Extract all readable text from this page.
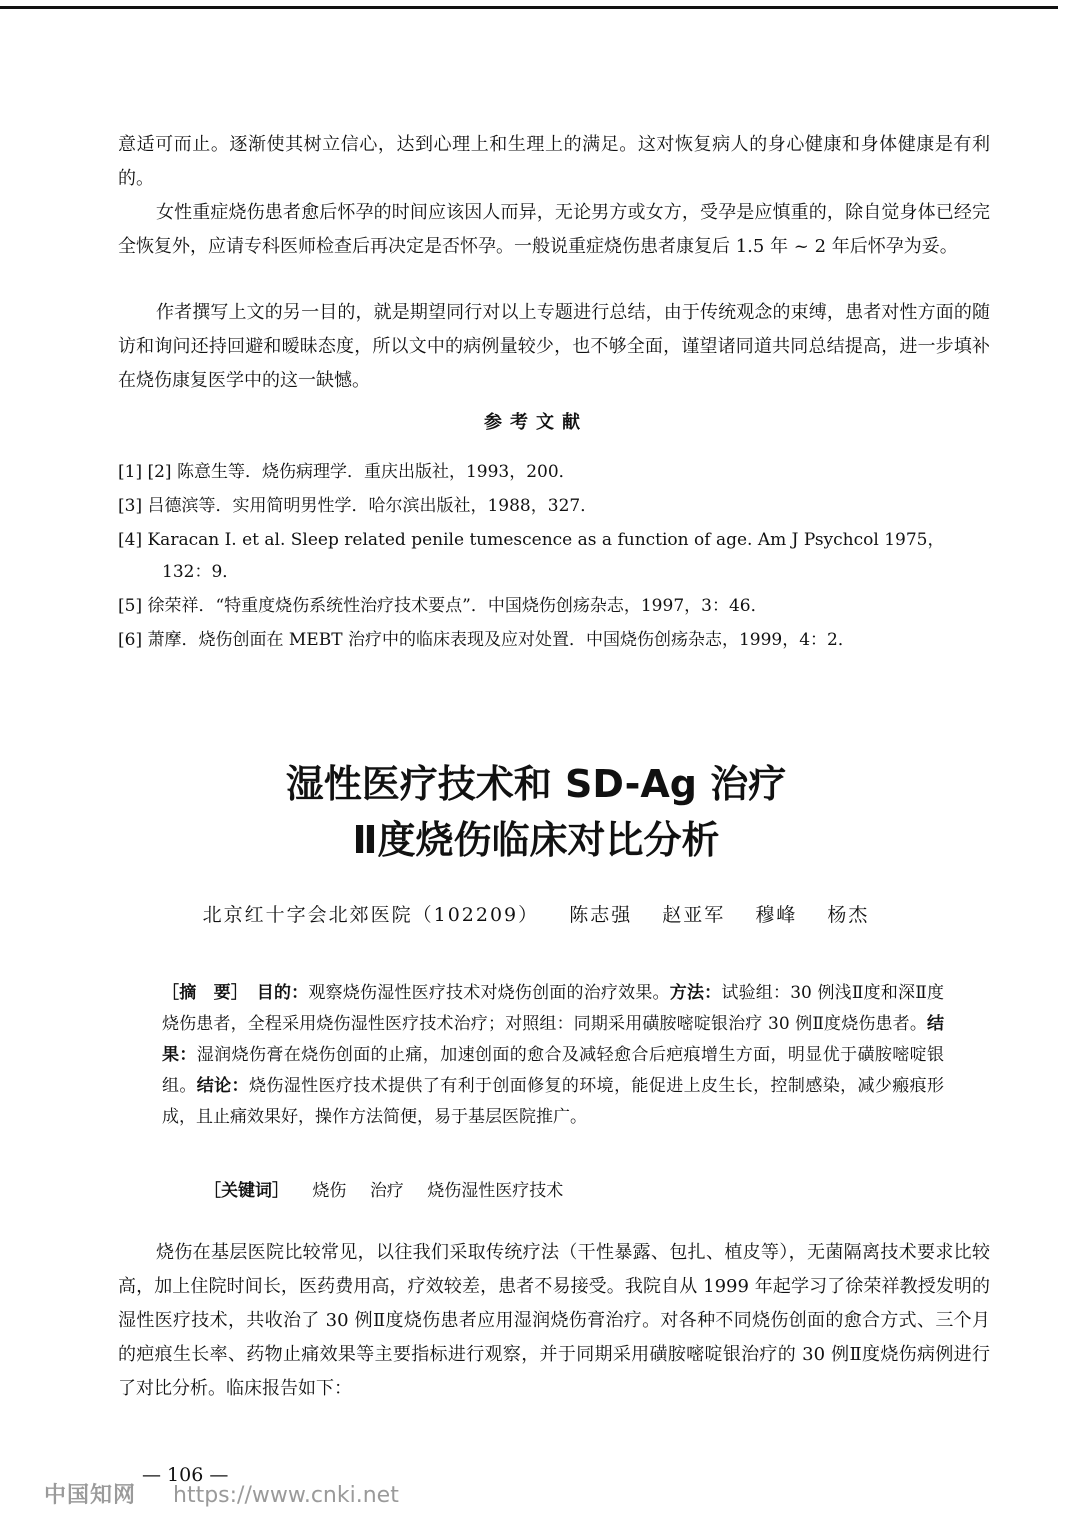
意适可而止。逐渐使其树立信心，达到心理上和生理上的满足。这对恢复病人的身心健康和身体健康是有利的。

女性重症烧伤患者愈后怀孕的时间应该因人而异，无论男方或女方，受孕是应慎重的，除自觉身体已经完全恢复外，应请专科医师检查后再决定是否怀孕。一般说重症烧伤患者康复后 1.5 年 ~ 2 年后怀孕为妥。

作者撰写上文的另一目的，就是期望同行对以上专题进行总结，由于传统观念的束缚，患者对性方面的随访和询问还持回避和暧昧态度，所以文中的病例量较少，也不够全面，谨望诸同道共同总结提高，进一步填补在烧伤康复医学中的这一缺憾。

参考文献
[1] [2] 陈意生等．烧伤病理学．重庆出版社，1993，200．
[3] 吕德滨等．实用简明男性学．哈尔滨出版社，1988，327．
[4] Karacan I. et al. Sleep related penile tumescence as a function of age. Am J Psychcol 1975，132：9．
[5] 徐荣祥．“特重度烧伤系统性治疗技术要点”．中国烧伤创疡杂志，1997，3：46．
[6] 萧摩．烧伤创面在 MEBT 治疗中的临床表现及应对处置．中国烧伤创疡杂志，1999，4：2．
湿性医疗技术和 SD-Ag 治疗
Ⅱ度烧伤临床对比分析
北京红十字会北郊医院（102209） 陈志强 赵亚军 穆峰 杨杰

［摘　要］　 目的：观察烧伤湿性医疗技术对烧伤创面的治疗效果。方法：试验组：30 例浅Ⅱ度和深Ⅱ度烧伤患者，全程采用烧伤湿性医疗技术治疗；对照组：同期采用磺胺嘧啶银治疗 30 例Ⅱ度烧伤患者。结果：湿润烧伤膏在烧伤创面的止痛，加速创面的愈合及减轻愈合后疤痕增生方面，明显优于磺胺嘧啶银组。结论：烧伤湿性医疗技术提供了有利于创面修复的环境，能促进上皮生长，控制感染，减少瘢痕形成，且止痛效果好，操作方法简便，易于基层医院推广。

［关键词］ 烧伤 治疗 烧伤湿性医疗技术

烧伤在基层医院比较常见，以往我们采取传统疗法（干性暴露、包扎、植皮等），无菌隔离技术要求比较高，加上住院时间长，医药费用高，疗效较差，患者不易接受。我院自从 1999 年起学习了徐荣祥教授发明的湿性医疗技术，共收治了 30 例Ⅱ度烧伤患者应用湿润烧伤膏治疗。对各种不同烧伤创面的愈合方式、三个月的疤痕生长率、药物止痛效果等主要指标进行观察，并于同期采用磺胺嘧啶银治疗的 30 例Ⅱ度烧伤病例进行了对比分析。临床报告如下：

— 106 —
中国知网 https://www.cnki.net
